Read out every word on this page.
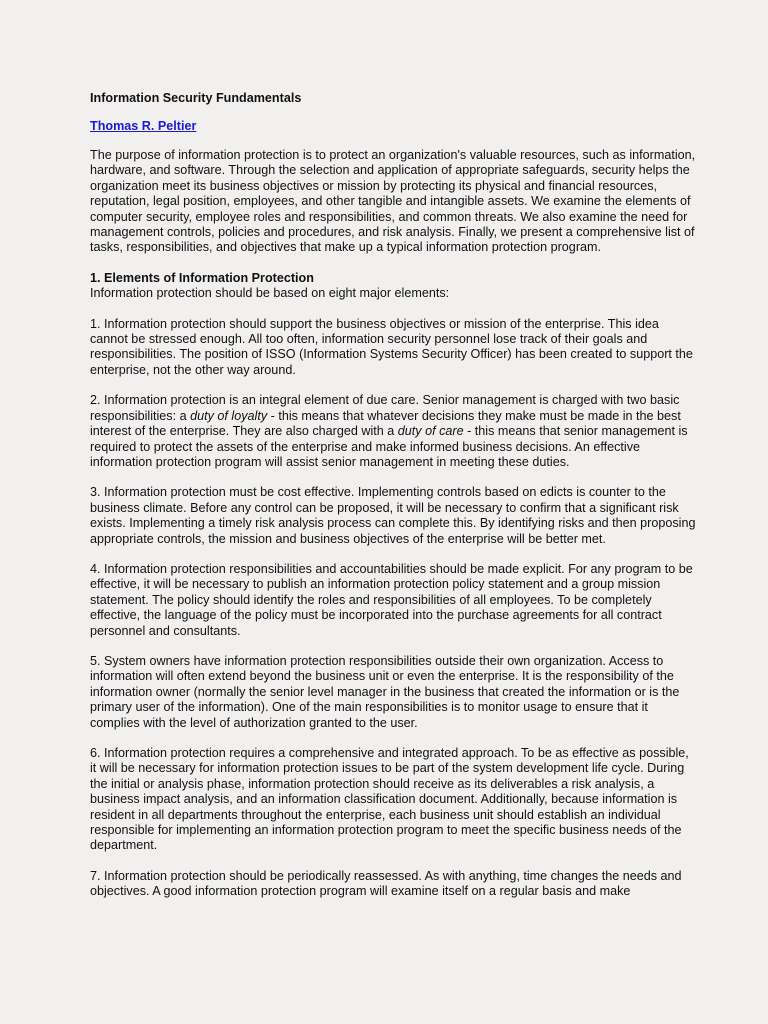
Information Security Fundamentals
Thomas R. Peltier

The purpose of information protection is to protect an organization's valuable resources, such as information, hardware, and software. Through the selection and application of appropriate safeguards, security helps the organization meet its business objectives or mission by protecting its physical and financial resources, reputation, legal position, employees, and other tangible and intangible assets. We examine the elements of computer security, employee roles and responsibilities, and common threats. We also examine the need for management controls, policies and procedures, and risk analysis. Finally, we present a comprehensive list of tasks, responsibilities, and objectives that make up a typical information protection program.

1. Elements of Information Protection

Information protection should be based on eight major elements:

1. Information protection should support the business objectives or mission of the enterprise. This idea cannot be stressed enough. All too often, information security personnel lose track of their goals and responsibilities. The position of ISSO (Information Systems Security Officer) has been created to support the enterprise, not the other way around.

2. Information protection is an integral element of due care. Senior management is charged with two basic responsibilities: a duty of loyalty - this means that whatever decisions they make must be made in the best interest of the enterprise. They are also charged with a duty of care - this means that senior management is required to protect the assets of the enterprise and make informed business decisions. An effective information protection program will assist senior management in meeting these duties.

3. Information protection must be cost effective. Implementing controls based on edicts is counter to the business climate. Before any control can be proposed, it will be necessary to confirm that a significant risk exists. Implementing a timely risk analysis process can complete this. By identifying risks and then proposing appropriate controls, the mission and business objectives of the enterprise will be better met.

4. Information protection responsibilities and accountabilities should be made explicit. For any program to be effective, it will be necessary to publish an information protection policy statement and a group mission statement. The policy should identify the roles and responsibilities of all employees. To be completely effective, the language of the policy must be incorporated into the purchase agreements for all contract personnel and consultants.

5. System owners have information protection responsibilities outside their own organization. Access to information will often extend beyond the business unit or even the enterprise. It is the responsibility of the information owner (normally the senior level manager in the business that created the information or is the primary user of the information). One of the main responsibilities is to monitor usage to ensure that it complies with the level of authorization granted to the user.

6. Information protection requires a comprehensive and integrated approach. To be as effective as possible, it will be necessary for information protection issues to be part of the system development life cycle. During the initial or analysis phase, information protection should receive as its deliverables a risk analysis, a business impact analysis, and an information classification document. Additionally, because information is resident in all departments throughout the enterprise, each business unit should establish an individual responsible for implementing an information protection program to meet the specific business needs of the department.

7. Information protection should be periodically reassessed. As with anything, time changes the needs and objectives. A good information protection program will examine itself on a regular basis and make
